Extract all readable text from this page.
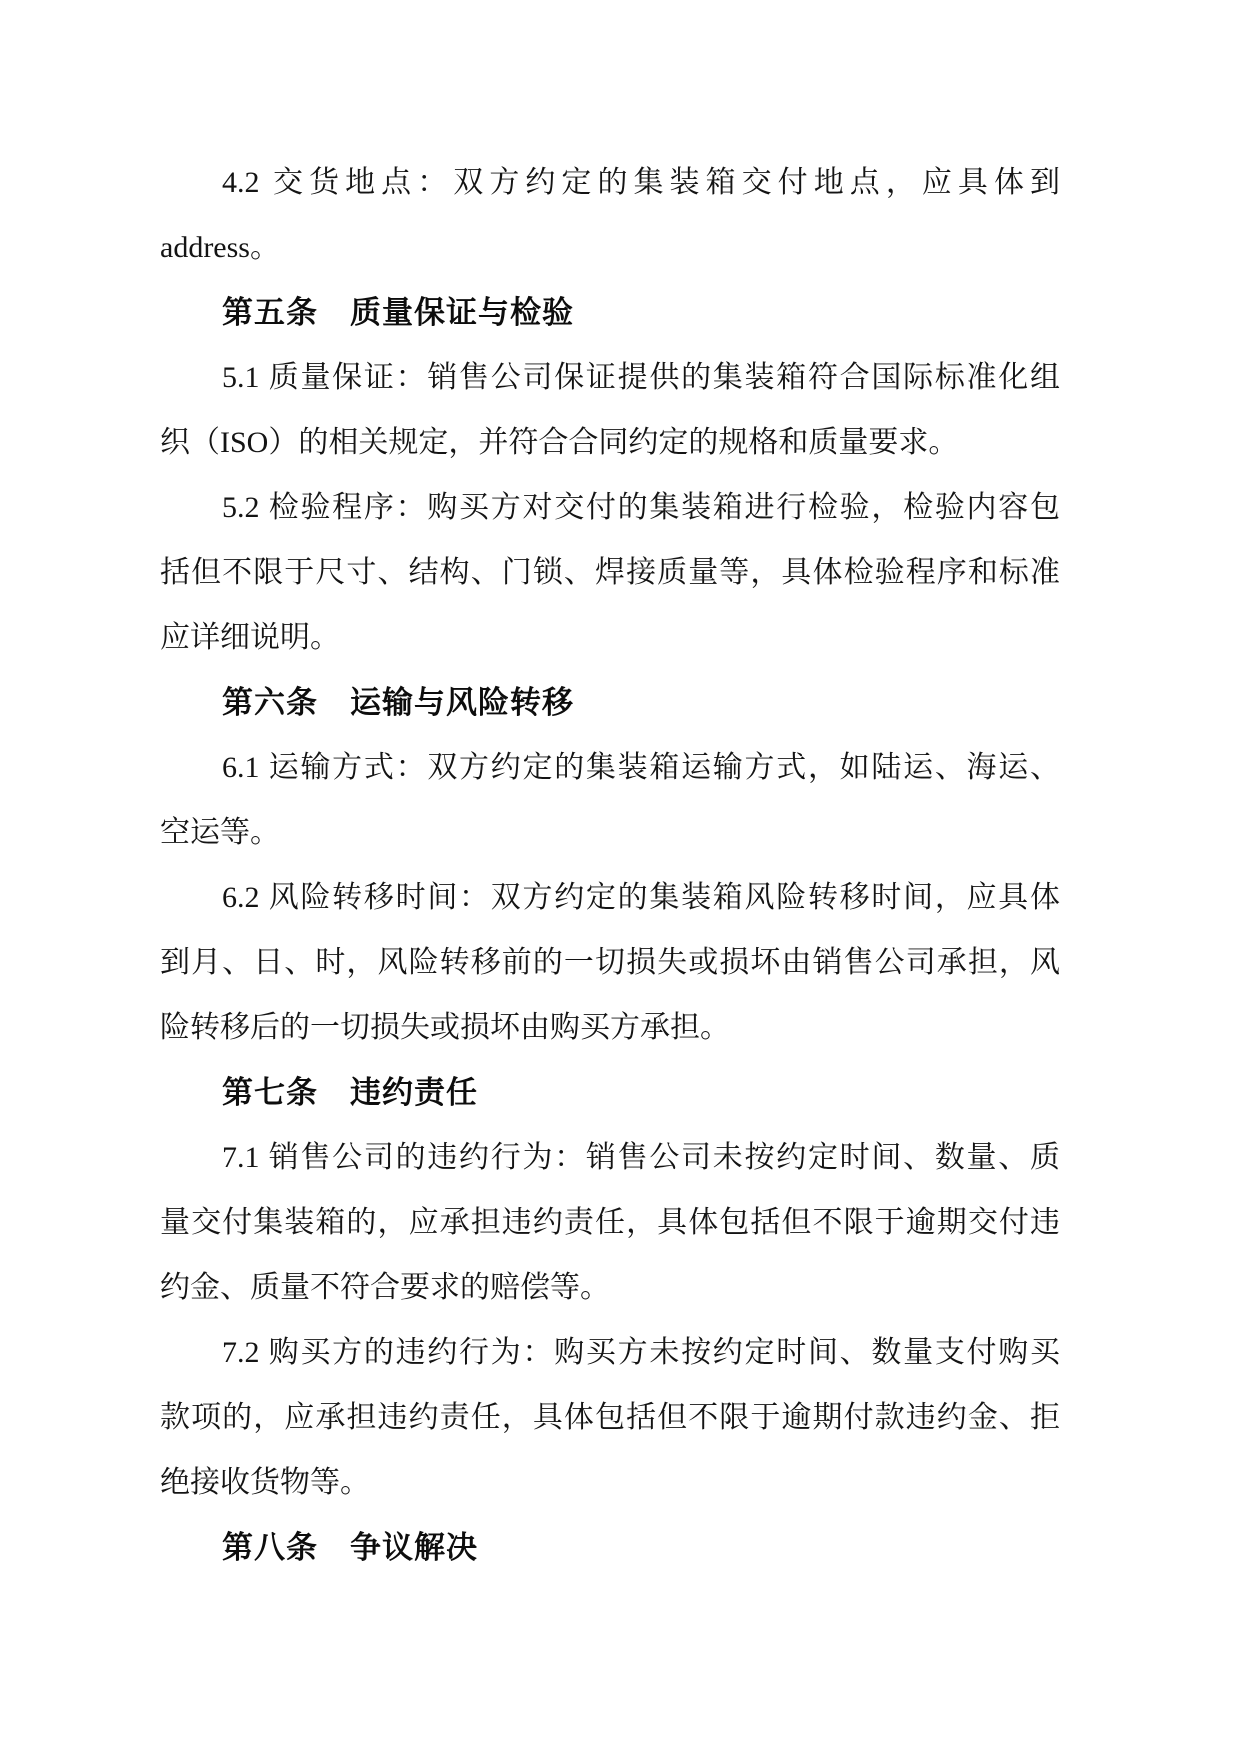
4.2 交货地点：双方约定的集装箱交付地点，应具体到
address。
第五条　质量保证与检验
5.1 质量保证：销售公司保证提供的集装箱符合国际标准化组
织（ISO）的相关规定，并符合合同约定的规格和质量要求。
5.2 检验程序：购买方对交付的集装箱进行检验，检验内容包
括但不限于尺寸、结构、门锁、焊接质量等，具体检验程序和标准
应详细说明。
第六条　运输与风险转移
6.1 运输方式：双方约定的集装箱运输方式，如陆运、海运、
空运等。
6.2 风险转移时间：双方约定的集装箱风险转移时间，应具体
到月、日、时，风险转移前的一切损失或损坏由销售公司承担，风
险转移后的一切损失或损坏由购买方承担。
第七条　违约责任
7.1 销售公司的违约行为：销售公司未按约定时间、数量、质
量交付集装箱的，应承担违约责任，具体包括但不限于逾期交付违
约金、质量不符合要求的赔偿等。
7.2 购买方的违约行为：购买方未按约定时间、数量支付购买
款项的，应承担违约责任，具体包括但不限于逾期付款违约金、拒
绝接收货物等。
第八条　争议解决
